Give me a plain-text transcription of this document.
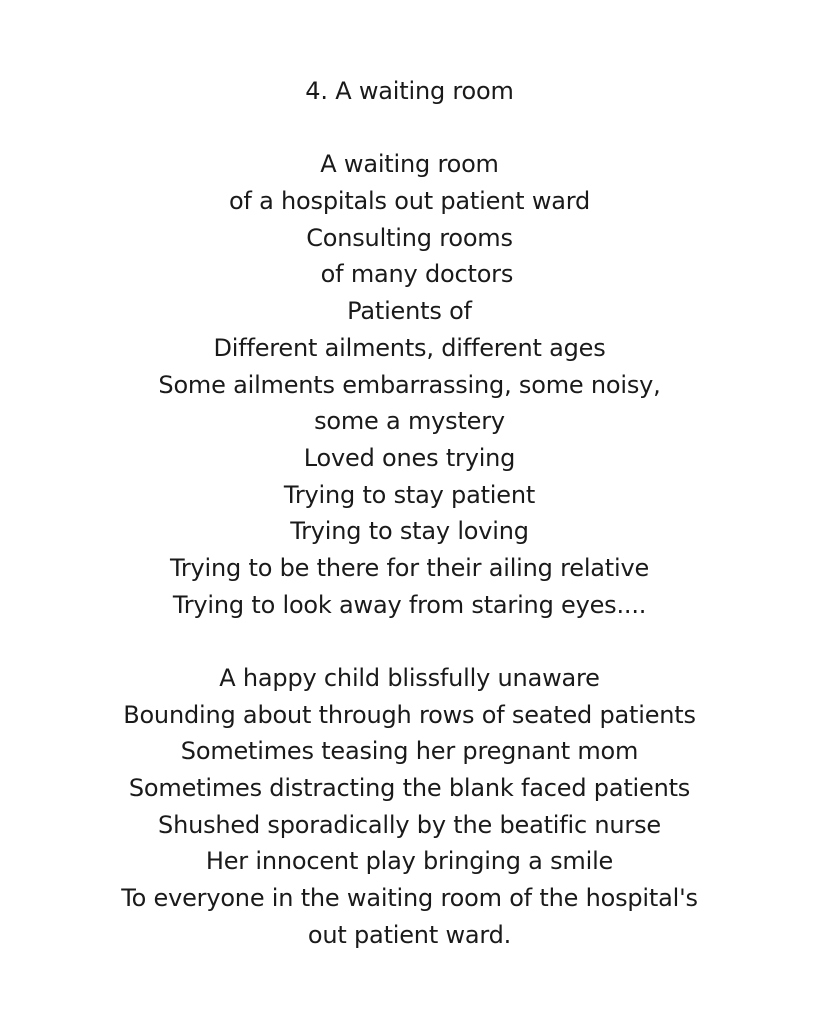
4. A waiting room
A waiting room
of a hospitals out patient ward
Consulting rooms
of many doctors
Patients of
Different ailments, different ages
Some ailments embarrassing, some noisy,
some a mystery
Loved ones trying
Trying to stay patient
Trying to stay loving
Trying to be there for their ailing relative
Trying to look away from staring eyes....
A happy child blissfully unaware
Bounding about through rows of seated patients
Sometimes teasing her pregnant mom
Sometimes distracting the blank faced patients
Shushed sporadically by the beatific nurse
Her innocent play bringing a smile
To everyone in the waiting room of the hospital's
out patient ward.
